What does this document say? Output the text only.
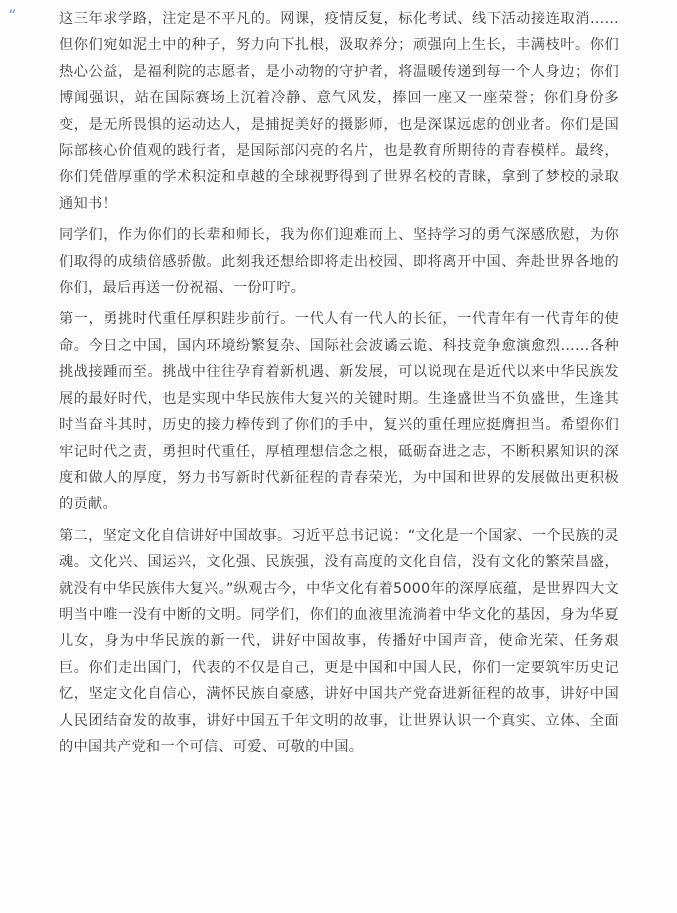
“	这三年求学路，注定是不平凡的。网课，疫情反复，标化考试、线下活动接连取消……但你们宛如泥土中的种子，努力向下扎根，汲取养分；顽强向上生长，丰满枝叶。你们热心公益，是福利院的志愿者，是小动物的守护者，将温暖传递到每一个人身边；你们博闻强识，站在国际赛场上沉着冷静、意气风发，捧回一座又一座荣誉；你们身份多变，是无所畏惧的运动达人，是捕捉美好的摄影师，也是深谋远虑的创业者。你们是国际部核心价值观的践行者，是国际部闪亮的名片，也是教育所期待的青春模样。最终，你们凭借厚重的学术积淀和卓越的全球视野得到了世界名校的青睐，拿到了梦校的录取通知书！

同学们，作为你们的长辈和师长，我为你们迎难而上、坚持学习的勇气深感欣慰，为你们取得的成绩倍感骄傲。此刻我还想给即将走出校园、即将离开中国、奔赴世界各地的你们，最后再送一份祝福、一份叮咛。

第一，勇挑时代重任厚积跬步前行。一代人有一代人的长征，一代青年有一代青年的使命。今日之中国，国内环境纷繁复杂、国际社会波谲云诡、科技竞争愈演愈烈……各种挑战接踵而至。挑战中往往孕育着新机遇、新发展，可以说现在是近代以来中华民族发展的最好时代，也是实现中华民族伟大复兴的关键时期。生逢盛世当不负盛世，生逢其时当奋斗其时，历史的接力棒传到了你们的手中，复兴的重任理应挺膺担当。希望你们牢记时代之责，勇担时代重任，厚植理想信念之根，砥砺奋进之志，不断积累知识的深度和做人的厚度，努力书写新时代新征程的青春荣光，为中国和世界的发展做出更积极的贡献。

第二，坚定文化自信讲好中国故事。习近平总书记说：“文化是一个国家、一个民族的灵魂。文化兴、国运兴，文化强、民族强，没有高度的文化自信，没有文化的繁荣昌盛，就没有中华民族伟大复兴。”纵观古今，中华文化有着5000年的深厚底蕴，是世界四大文明当中唯一没有中断的文明。同学们，你们的血液里流淌着中华文化的基因，身为华夏儿女，身为中华民族的新一代，讲好中国故事，传播好中国声音，使命光荣、任务艰巨。你们走出国门，代表的不仅是自己，更是中国和中国人民，你们一定要筑牢历史记忆，坚定文化自信心，满怀民族自豪感，讲好中国共产党奋进新征程的故事，讲好中国人民团结奋发的故事，讲好中国五千年文明的故事，让世界认识一个真实、立体、全面的中国共产党和一个可信、可爱、可敬的中国。
